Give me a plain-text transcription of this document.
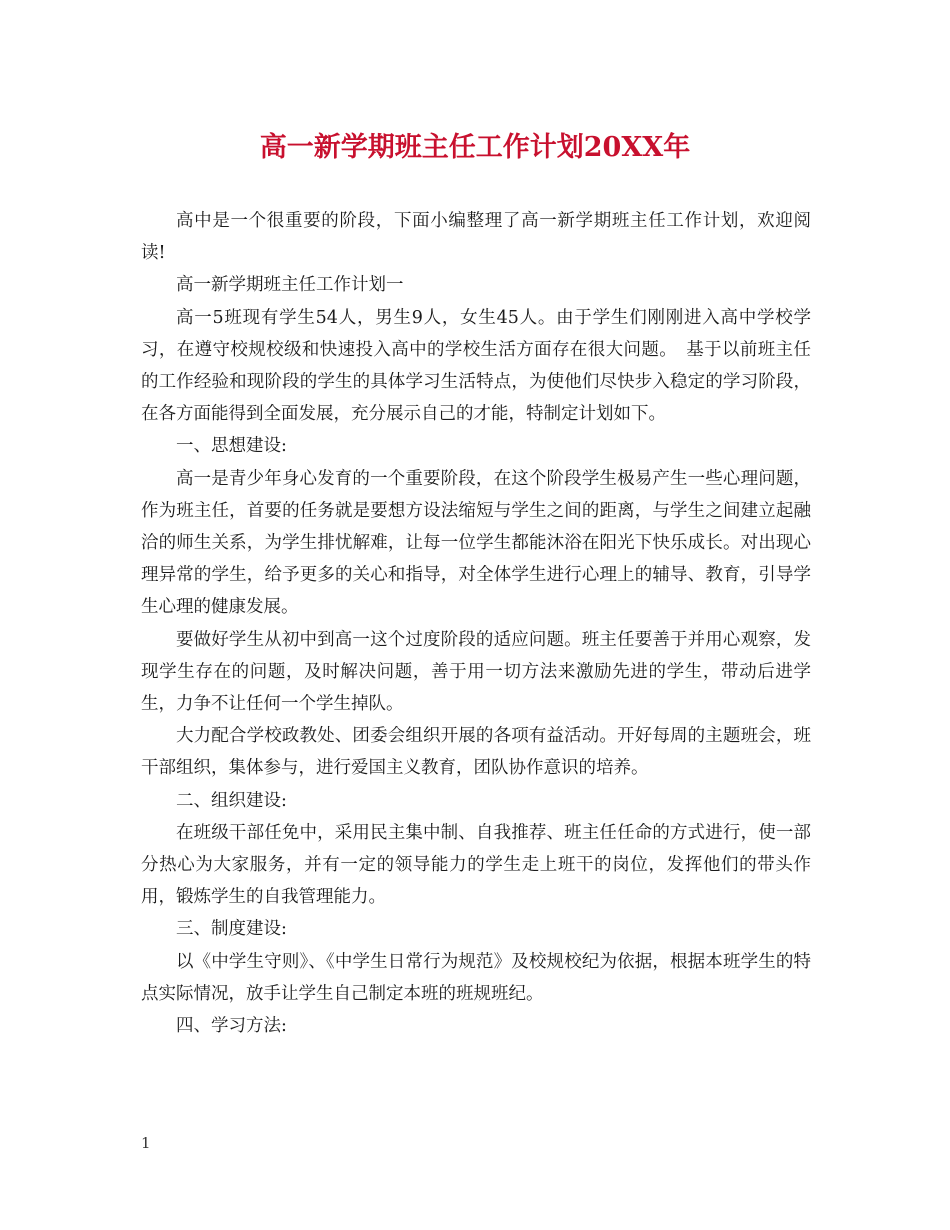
高一新学期班主任工作计划20XX年

高中是一个很重要的阶段，下面小编整理了高一新学期班主任工作计划，欢迎阅读!

高一新学期班主任工作计划一

高一5班现有学生54人，男生9人，女生45人。由于学生们刚刚进入高中学校学习，在遵守校规校级和快速投入高中的学校生活方面存在很大问题。　基于以前班主任的工作经验和现阶段的学生的具体学习生活特点，为使他们尽快步入稳定的学习阶段，在各方面能得到全面发展，充分展示自己的才能，特制定计划如下。

一、思想建设:

高一是青少年身心发育的一个重要阶段，在这个阶段学生极易产生一些心理问题，作为班主任，首要的任务就是要想方设法缩短与学生之间的距离，与学生之间建立起融洽的师生关系，为学生排忧解难，让每一位学生都能沐浴在阳光下快乐成长。对出现心理异常的学生，给予更多的关心和指导，对全体学生进行心理上的辅导、教育，引导学生心理的健康发展。

要做好学生从初中到高一这个过度阶段的适应问题。班主任要善于并用心观察，发现学生存在的问题，及时解决问题，善于用一切方法来激励先进的学生，带动后进学生，力争不让任何一个学生掉队。

大力配合学校政教处、团委会组织开展的各项有益活动。开好每周的主题班会，班干部组织，集体参与，进行爱国主义教育，团队协作意识的培养。

二、组织建设:

在班级干部任免中，采用民主集中制、自我推荐、班主任任命的方式进行，使一部分热心为大家服务，并有一定的领导能力的学生走上班干的岗位，发挥他们的带头作用，锻炼学生的自我管理能力。

三、制度建设:

以《中学生守则》、《中学生日常行为规范》及校规校纪为依据，根据本班学生的特点实际情况，放手让学生自己制定本班的班规班纪。

四、学习方法:

1
